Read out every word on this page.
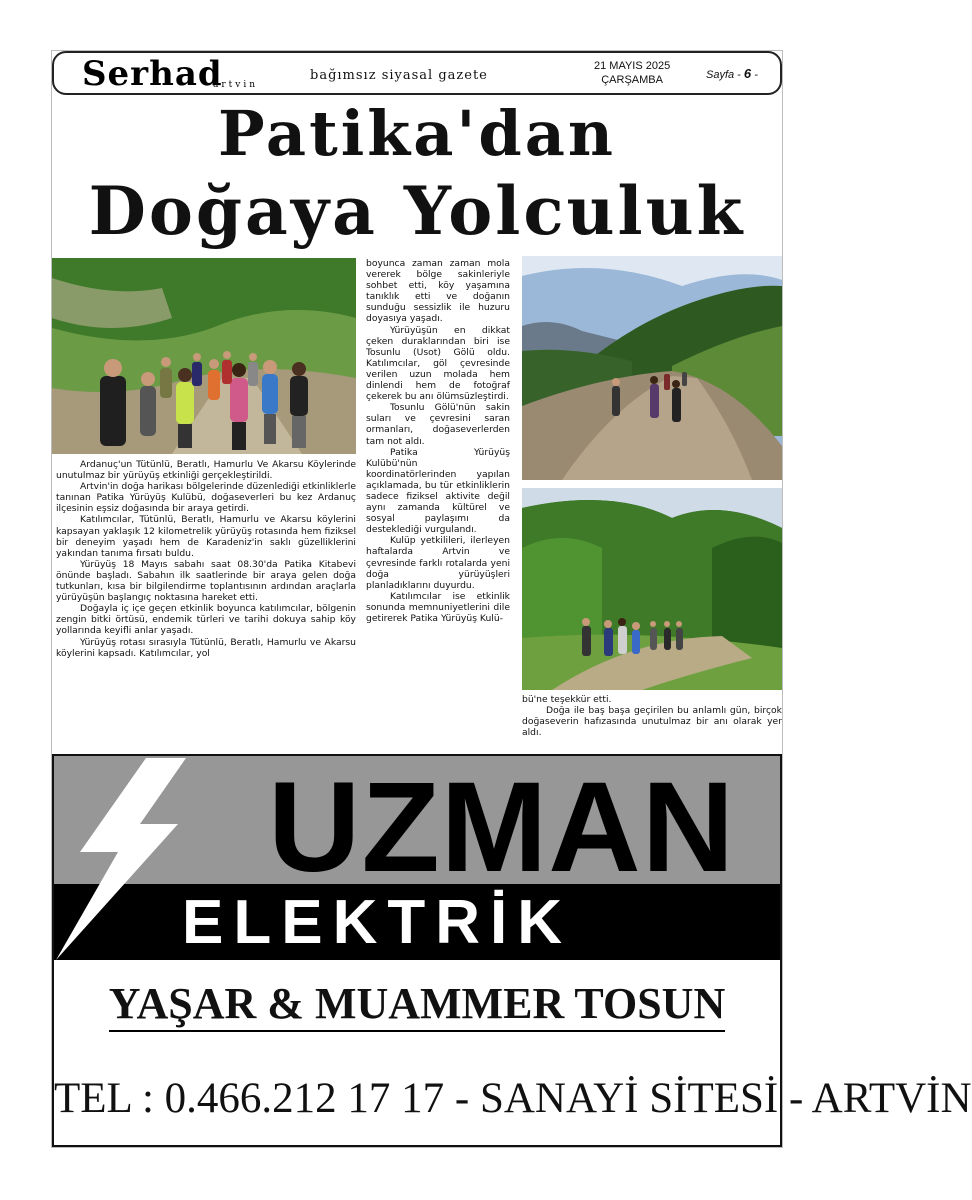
Serhad
artvin
bağımsız siyasal gazete
21 MAYIS 2025
ÇARŞAMBA	Sayfa - 6 -
Patika'dan
Doğaya Yolculuk

Ardanuç'un Tütünlü, Beratlı, Hamurlu Ve Akarsu Köylerinde unutulmaz bir yürüyüş etkinliği gerçekleştirildi.

Artvin'in doğa harikası bölgelerinde düzenlediği etkinliklerle tanınan Patika Yürüyüş Kulübü, doğaseverleri bu kez Ardanuç ilçesinin eşsiz doğasında bir araya getirdi.

Katılımcılar, Tütünlü, Beratlı, Hamurlu ve Akarsu köylerini kapsayan yaklaşık 12 kilometrelik yürüyüş rotasında hem fiziksel bir deneyim yaşadı hem de Karadeniz'in saklı güzelliklerini yakından tanıma fırsatı buldu.

Yürüyüş 18 Mayıs sabahı saat 08.30'da Patika Kitabevi önünde başladı. Sabahın ilk saatlerinde bir araya gelen doğa tutkunları, kısa bir bilgilendirme toplantısının ardından araçlarla yürüyüşün başlangıç noktasına hareket etti.

Doğayla iç içe geçen etkinlik boyunca katılımcılar, bölgenin zengin bitki örtüsü, endemik türleri ve tarihi dokuya sahip köy yollarında keyifli anlar yaşadı.

Yürüyüş rotası sırasıyla Tütünlü, Beratlı, Hamurlu ve Akarsu köylerini kapsadı. Katılımcılar, yol

boyunca zaman zaman mola vererek bölge sakinleriyle sohbet etti, köy yaşamına tanıklık etti ve doğanın sunduğu sessizlik ile huzuru doyasıya yaşadı.

Yürüyüşün en dikkat çeken duraklarından biri ise Tosunlu (Usot) Gölü oldu. Katılımcılar, göl çevresinde verilen uzun molada hem dinlendi hem de fotoğraf çekerek bu anı ölümsüzleştirdi.

Tosunlu Gölü'nün sakin suları ve çevresini saran ormanları, doğaseverlerden tam not aldı.

Patika Yürüyüş Kulübü'nün koordinatörlerinden yapılan açıklamada, bu tür etkinliklerin sadece fiziksel aktivite değil aynı zamanda kültürel ve sosyal paylaşımı da desteklediği vurgulandı.

Kulüp yetkilileri, ilerleyen haftalarda Artvin ve çevresinde farklı rotalarda yeni doğa yürüyüşleri planladıklarını duyurdu.

Katılımcılar ise etkinlik sonunda memnuniyetlerini dile getirerek Patika Yürüyüş Kulü-

bü'ne teşekkür etti.

Doğa ile baş başa geçirilen bu anlamlı gün, birçok doğaseverin hafızasında unutulmaz bir anı olarak yer aldı.

UZMAN
ELEKTRİK
YAŞAR & MUAMMER TOSUN
TEL : 0.466.212 17 17 - SANAYİ SİTESİ - ARTVİN
